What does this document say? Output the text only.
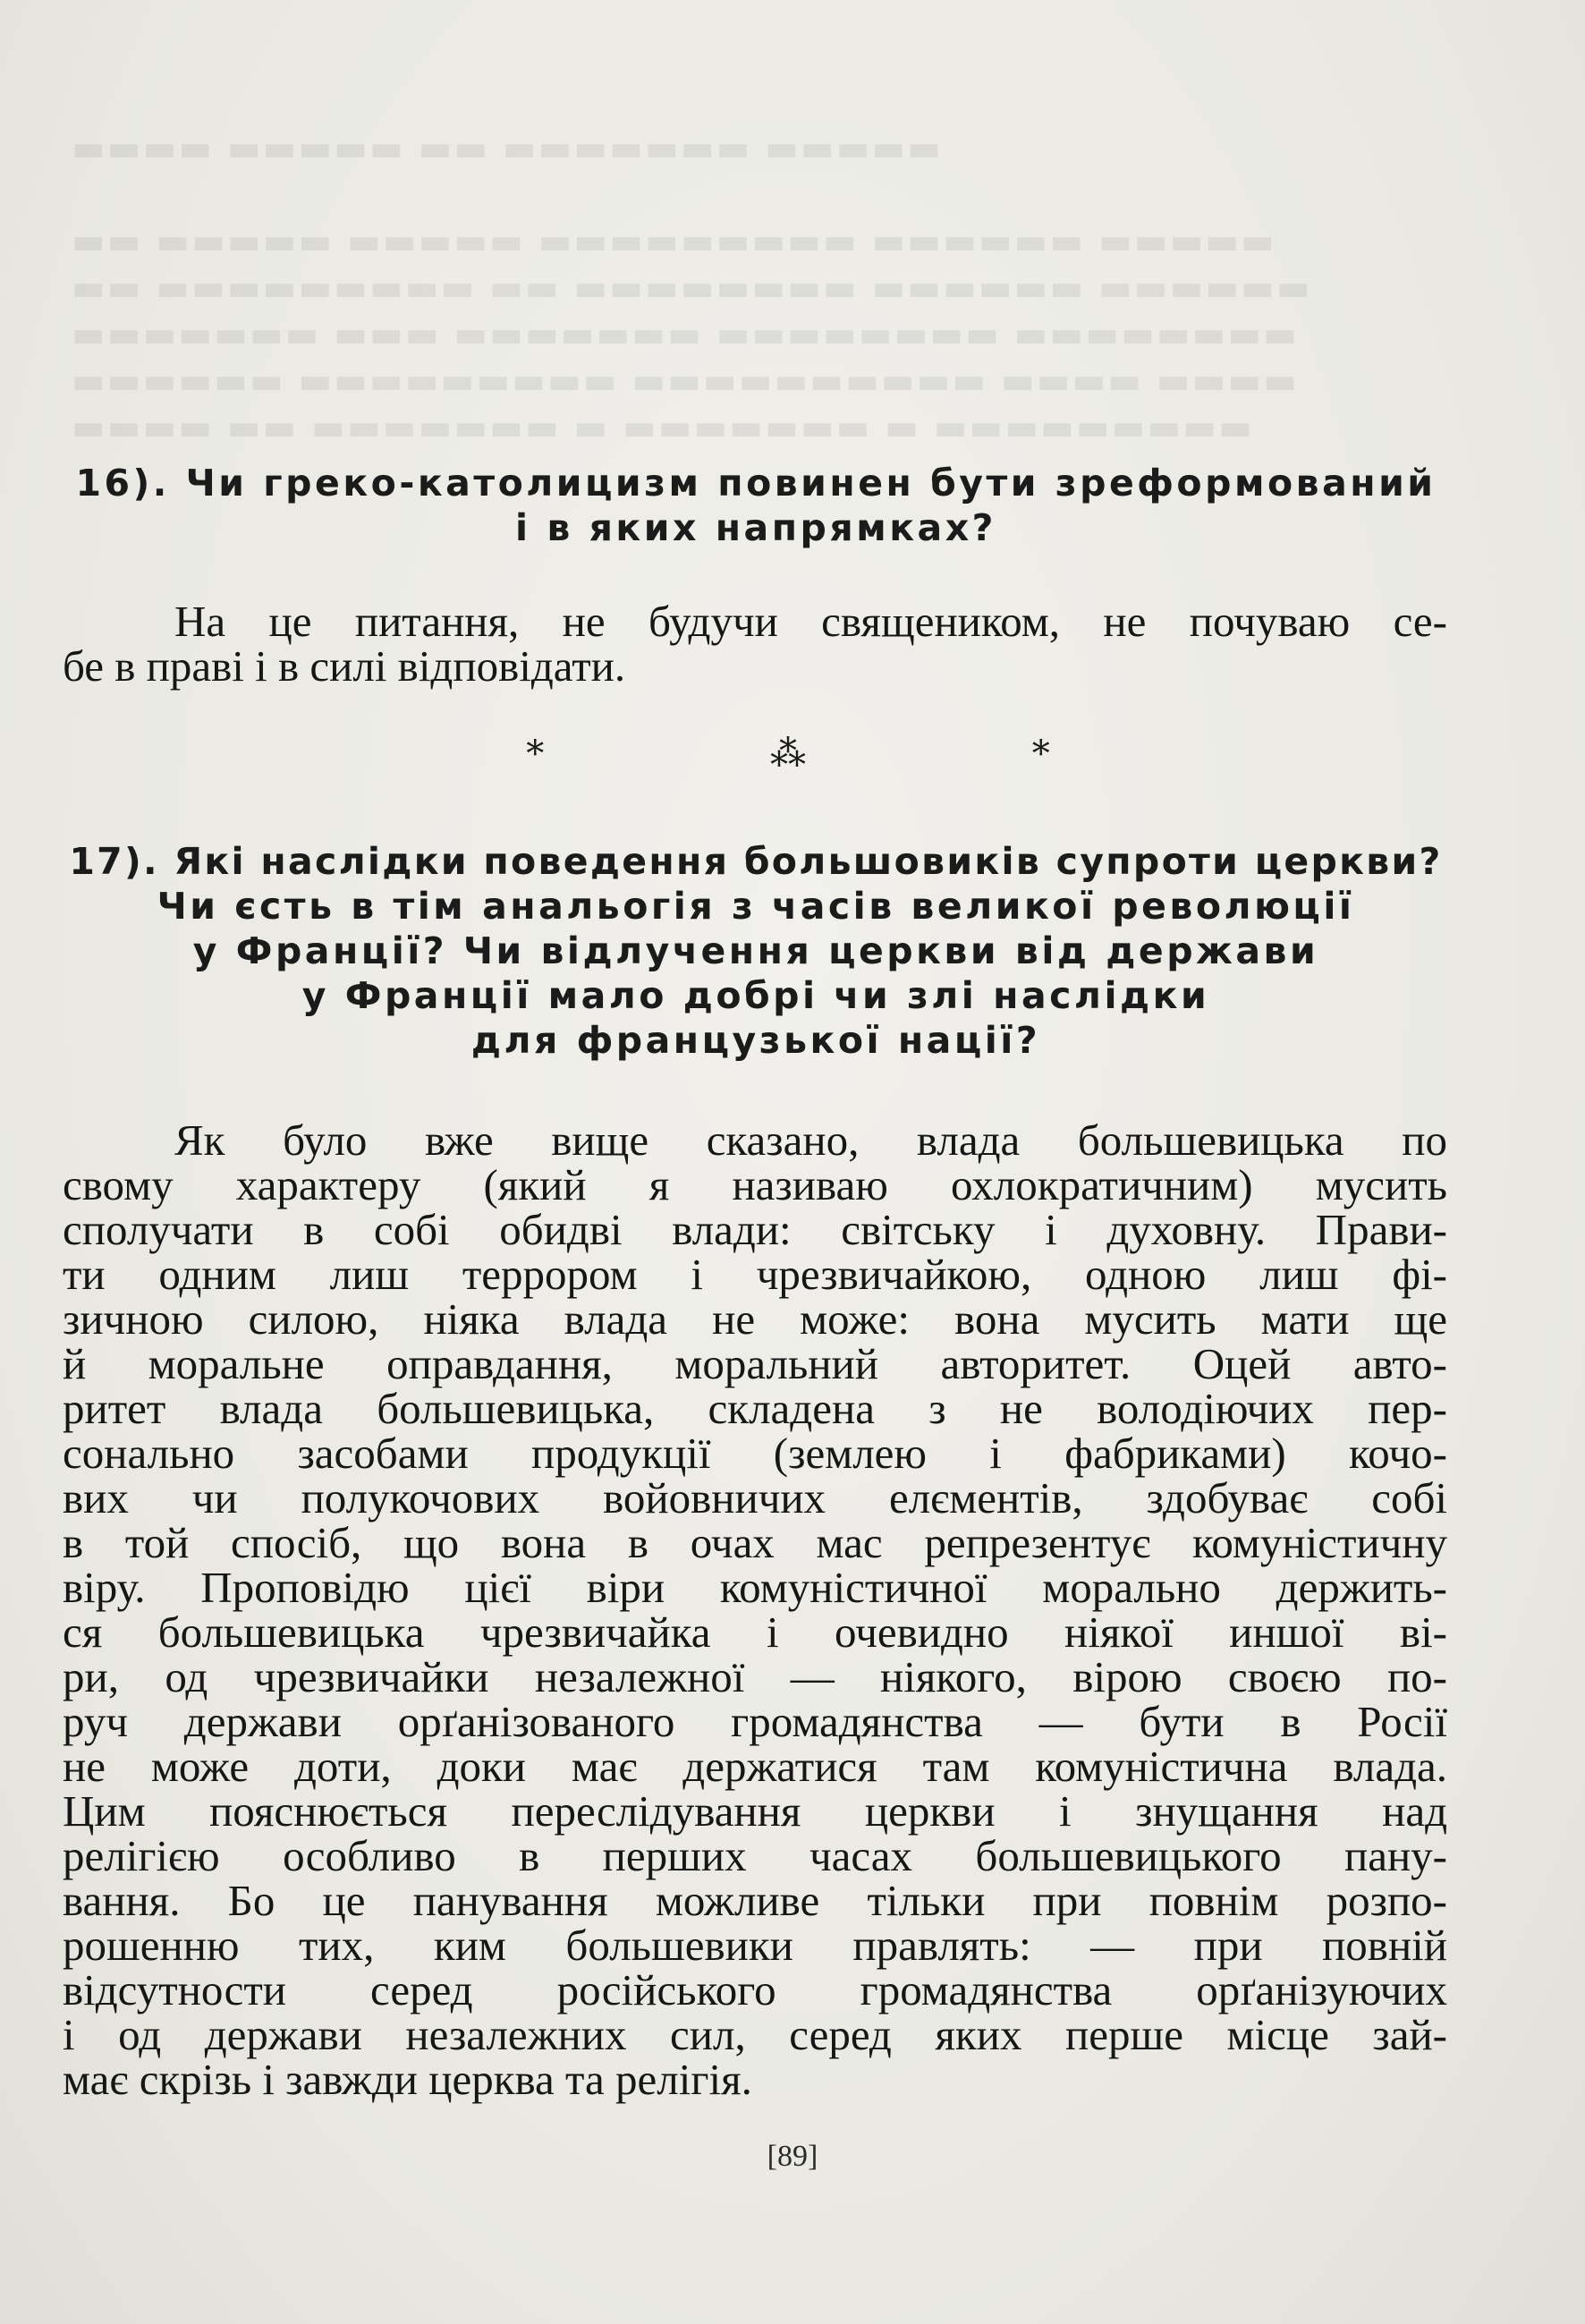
▬▬▬▬ ▬▬▬▬▬ ▬▬ ▬▬▬▬▬▬▬ ▬▬▬▬▬

▬▬ ▬▬▬▬▬ ▬▬▬▬▬ ▬▬▬▬▬▬▬▬▬ ▬▬▬▬▬▬ ▬▬▬▬▬
▬▬ ▬▬▬▬▬▬▬▬▬ ▬▬ ▬▬▬▬▬▬▬▬ ▬▬▬▬▬▬ ▬▬▬▬▬▬
▬▬▬▬▬▬▬ ▬▬▬ ▬▬▬▬▬▬▬ ▬▬▬▬▬▬▬▬ ▬▬▬▬▬▬▬▬
▬▬▬▬▬▬ ▬▬▬▬▬▬▬▬▬ ▬▬▬▬▬▬▬▬▬▬ ▬▬▬▬ ▬▬▬▬
▬▬▬▬ ▬▬ ▬▬▬▬▬▬▬ ▬ ▬▬▬▬▬▬▬ ▬ ▬▬▬▬▬▬▬▬▬
16). Чи греко-католицизм повинен бути зреформований
і в яких напрямках?

На це питання, не будучи священиком, не почуваю се-
бе в праві і в силі відповідати.

* ⁂ *
17). Які наслідки поведення большовиків супроти церкви?
Чи єсть в тім анальогія з часів великої революції
у Франції? Чи відлучення церкви від держави
у Франції мало добрі чи злі наслідки
для французької нації?

Як було вже вище сказано, влада большевицька по
свому характеру (який я називаю охлократичним) мусить
сполучати в собі обидві влади: світську і духовну. Прави-
ти одним лиш террором і чрезвичайкою, одною лиш фі-
зичною силою, ніяка влада не може: вона мусить мати ще
й моральне оправдання, моральний авторитет. Оцей авто-
ритет влада большевицька, складена з не володіючих пер-
сонально засобами продукції (землею і фабриками) кочо-
вих чи полукочових войовничих елєментів, здобуває собі
в той спосіб, що вона в очах мас репрезентує комуністичну
віру. Проповідю цієї віри комуністичної морально держить-
ся большевицька чрезвичайка і очевидно ніякої иншої ві-
ри, од чрезвичайки незалежної — ніякого, вірою своєю по-
руч держави орґанізованого громадянства — бути в Росії
не може доти, доки має держатися там комуністична влада.
Цим пояснюється переслідування церкви і знущання над
релігією особливо в перших часах большевицького пану-
вання. Бо це панування можливе тільки при повнім розпо-
рошенню тих, ким большевики правлять: — при повній
відсутности серед російського громадянства орґанізуючих
і од держави незалежних сил, серед яких перше місце зай-
має скрізь і завжди церква та релігія.

[89]
